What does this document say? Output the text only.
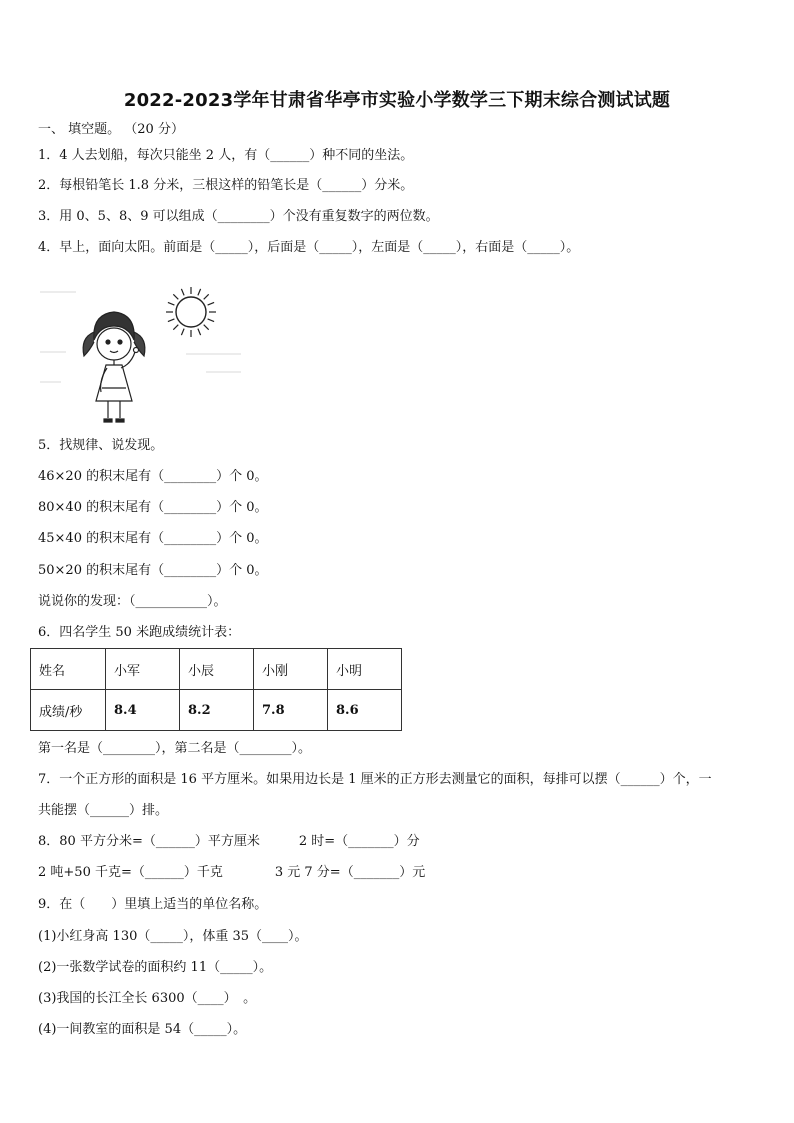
2022-2023学年甘肃省华亭市实验小学数学三下期末综合测试试题
一、 填空题。 （20 分）
1．4 人去划船，每次只能坐 2 人，有（______）种不同的坐法。
2．每根铅笔长 1.8 分米，三根这样的铅笔长是（______）分米。
3．用 0、5、8、9 可以组成（________）个没有重复数字的两位数。
4．早上，面向太阳。前面是（_____），后面是（_____），左面是（_____），右面是（_____）。
5．找规律、说发现。
46×20 的积末尾有（________）个 0。
80×40 的积末尾有（________）个 0。
45×40 的积末尾有（________）个 0。
50×20 的积末尾有（________）个 0。
说说你的发现：（___________）。
6．四名学生 50 米跑成绩统计表：
姓名	小军	小辰	小刚	小明
成绩/秒	8.4	8.2	7.8	8.6
第一名是（________），第二名是（________）。
7．一个正方形的面积是 16 平方厘米。如果用边长是 1 厘米的正方形去测量它的面积，每排可以摆（______）个，一
共能摆（______）排。
8．80 平方分米=（______）平方厘米　　　2 时=（_______）分
2 吨+50 千克=（______）千克　　　　3 元 7 分=（_______）元
9．在（　　）里填上适当的单位名称。
(1)小红身高 130（_____），体重 35（____）。
(2)一张数学试卷的面积约 11（_____）。
(3)我国的长江全长 6300（____）　。
(4)一间教室的面积是 54（_____）。
